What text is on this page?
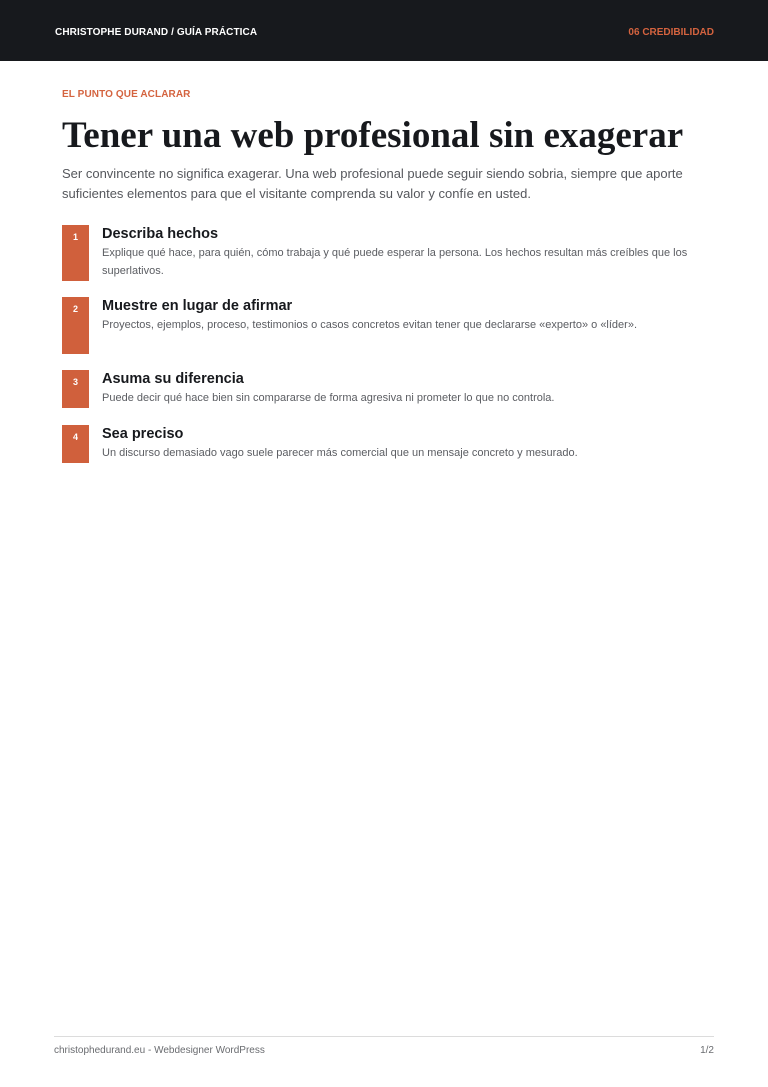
CHRISTOPHE DURAND / GUÍA PRÁCTICA	06 CREDIBILIDAD
EL PUNTO QUE ACLARAR
Tener una web profesional sin exagerar

Ser convincente no significa exagerar. Una web profesional puede seguir siendo sobria, siempre que aporte suficientes elementos para que el visitante comprenda su valor y confíe en usted.

1	Describa hechos
Explique qué hace, para quién, cómo trabaja y qué puede esperar la persona. Los hechos resultan más creíbles que los superlativos.
2	Muestre en lugar de afirmar
Proyectos, ejemplos, proceso, testimonios o casos concretos evitan tener que declararse «experto» o «líder».
3	Asuma su diferencia
Puede decir qué hace bien sin compararse de forma agresiva ni prometer lo que no controla.
4	Sea preciso
Un discurso demasiado vago suele parecer más comercial que un mensaje concreto y mesurado.
christophedurand.eu - Webdesigner WordPress	1/2
